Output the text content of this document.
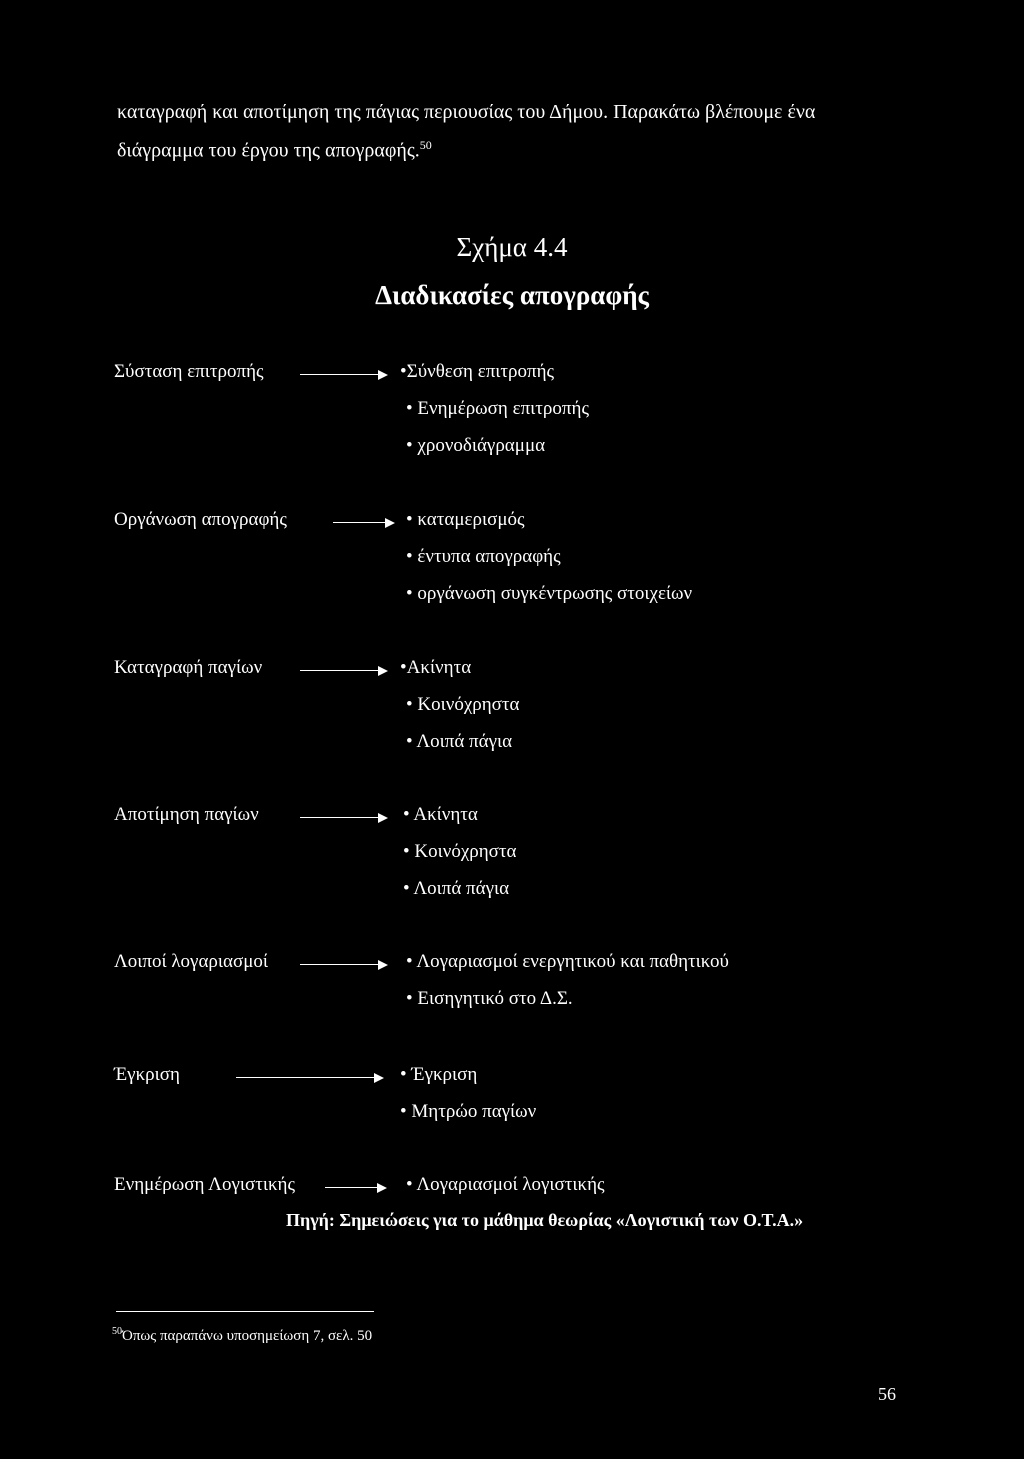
καταγραφή και αποτίμηση της πάγιας περιουσίας του Δήμου. Παρακάτω βλέπουμε ένα
διάγραμμα του έργου της απογραφής.$^{50}$
Σχήμα 4.4
Διαδικασίες απογραφής
Σύσταση επιτροπής	•Σύνθεση επιτροπής
• Ενημέρωση επιτροπής
• χρονοδιάγραμμα
Οργάνωση απογραφής	• καταμερισμός
• έντυπα απογραφής
• οργάνωση συγκέντρωσης στοιχείων
Καταγραφή παγίων	•Ακίνητα
• Κοινόχρηστα
• Λοιπά πάγια
Αποτίμηση παγίων	• Ακίνητα
• Κοινόχρηστα
• Λοιπά πάγια
Λοιποί λογαριασμοί	• Λογαριασμοί ενεργητικού και παθητικού
• Εισηγητικό στο Δ.Σ.
Έγκριση	• Έγκριση
• Μητρώο παγίων
Ενημέρωση Λογιστικής	• Λογαριασμοί λογιστικής
Πηγή: Σημειώσεις για το μάθημα θεωρίας «Λογιστική των Ο.Τ.Α.»
$^{50}$Όπως παραπάνω υποσημείωση 7, σελ. 50
56
